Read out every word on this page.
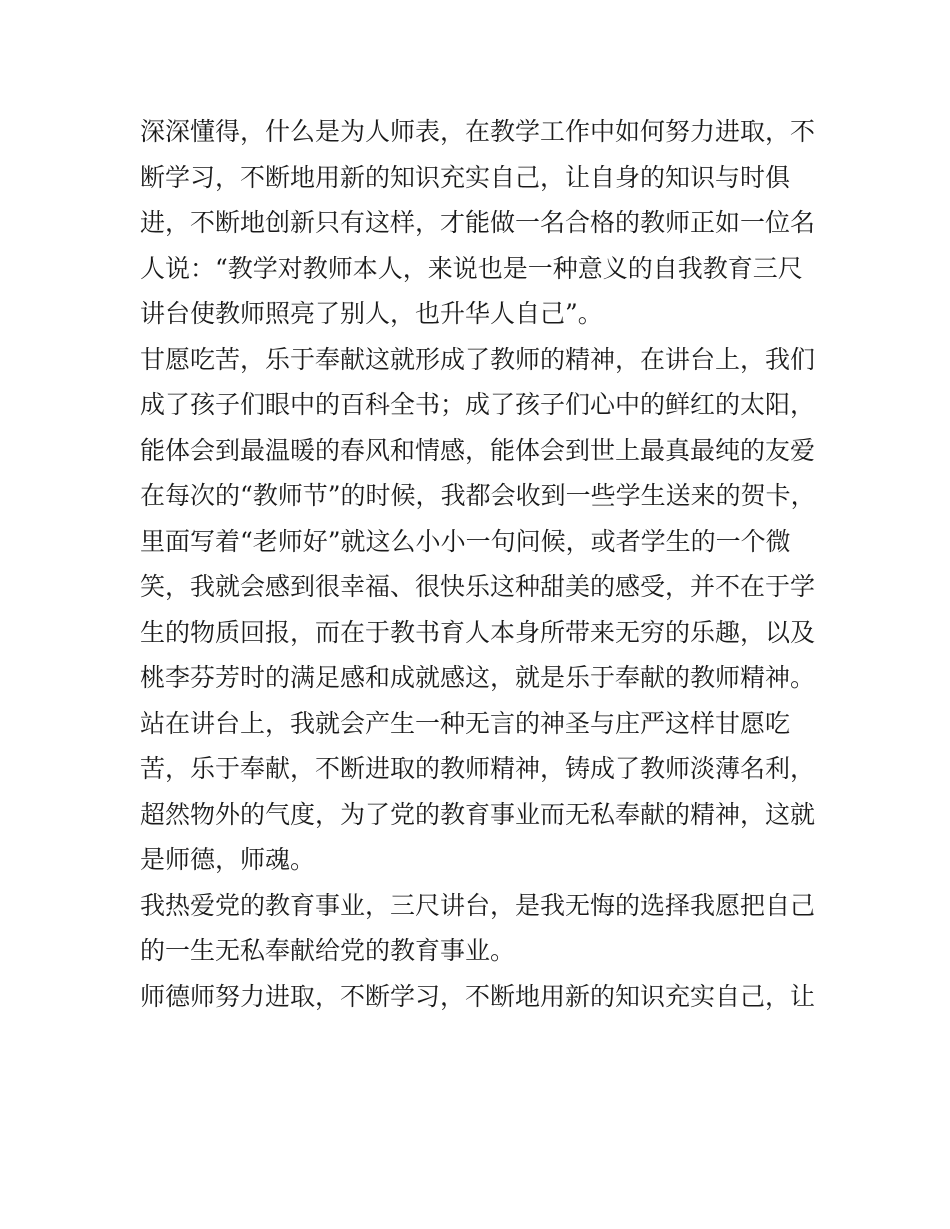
深深懂得，什么是为人师表，在教学工作中如何努力进取，不
断学习，不断地用新的知识充实自己，让自身的知识与时俱
进，不断地创新只有这样，才能做一名合格的教师正如一位名
人说：“教学对教师本人，来说也是一种意义的自我教育三尺
讲台使教师照亮了别人，也升华人自己”。
甘愿吃苦，乐于奉献这就形成了教师的精神，在讲台上，我们
成了孩子们眼中的百科全书；成了孩子们心中的鲜红的太阳，
能体会到最温暖的春风和情感，能体会到世上最真最纯的友爱
在每次的“教师节”的时候，我都会收到一些学生送来的贺卡，
里面写着“老师好”就这么小小一句问候，或者学生的一个微
笑，我就会感到很幸福、很快乐这种甜美的感受，并不在于学
生的物质回报，而在于教书育人本身所带来无穷的乐趣，以及
桃李芬芳时的满足感和成就感这，就是乐于奉献的教师精神。
站在讲台上，我就会产生一种无言的神圣与庄严这样甘愿吃
苦，乐于奉献，不断进取的教师精神，铸成了教师淡薄名利，
超然物外的气度，为了党的教育事业而无私奉献的精神，这就
是师德，师魂。
我热爱党的教育事业，三尺讲台，是我无悔的选择我愿把自己
的一生无私奉献给党的教育事业。
师德师努力进取，不断学习，不断地用新的知识充实自己，让
